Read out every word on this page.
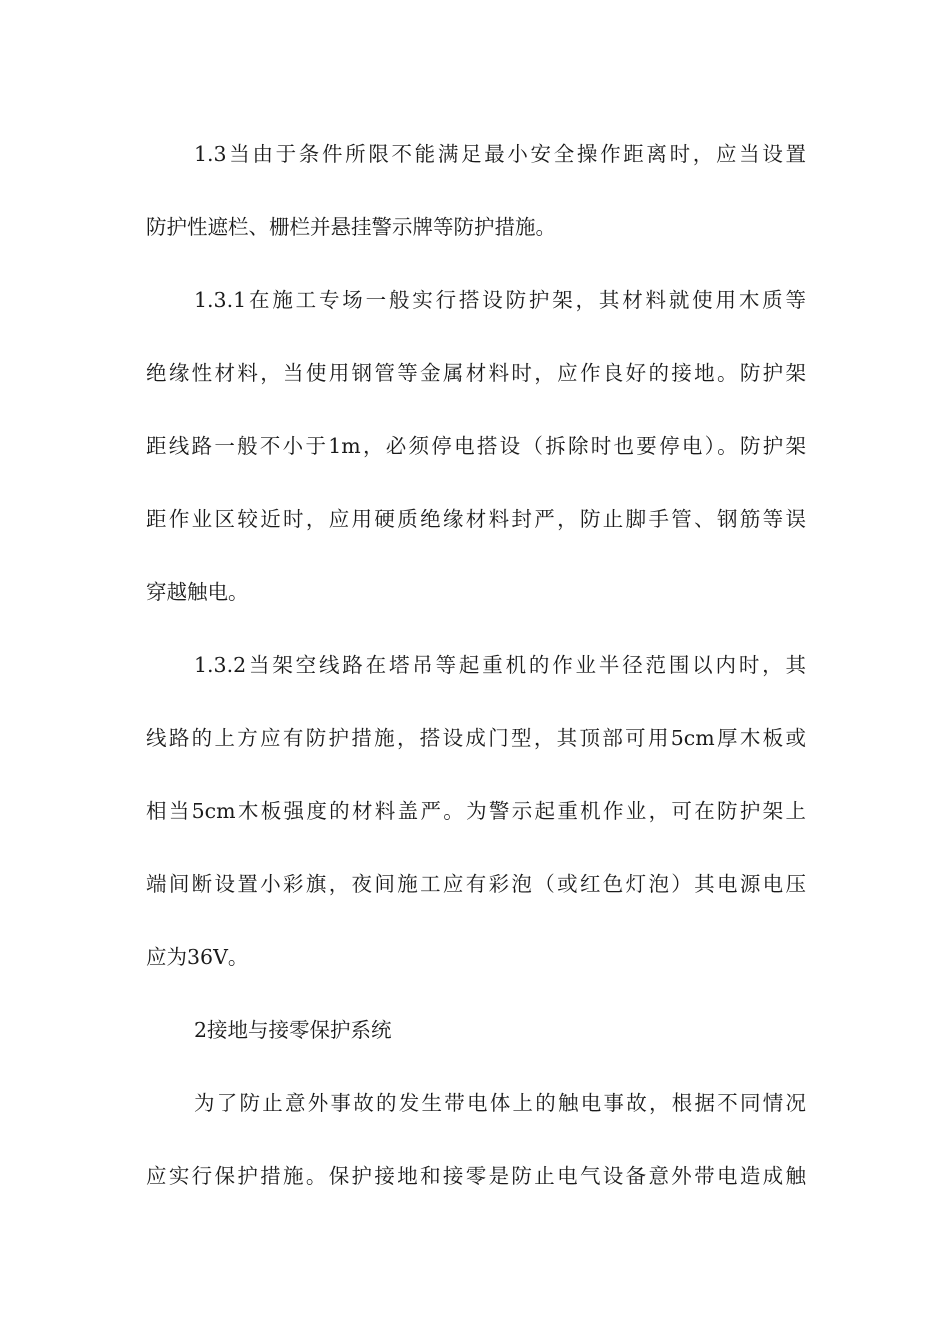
1.3当由于条件所限不能满足最小安全操作距离时，应当设置
防护性遮栏、栅栏并悬挂警示牌等防护措施。
1.3.1在施工专场一般实行搭设防护架，其材料就使用木质等
绝缘性材料，当使用钢管等金属材料时，应作良好的接地。防护架
距线路一般不小于1m，必须停电搭设（拆除时也要停电）。防护架
距作业区较近时，应用硬质绝缘材料封严，防止脚手管、钢筋等误
穿越触电。
1.3.2当架空线路在塔吊等起重机的作业半径范围以内时，其
线路的上方应有防护措施，搭设成门型，其顶部可用5cm厚木板或
相当5cm木板强度的材料盖严。为警示起重机作业，可在防护架上
端间断设置小彩旗，夜间施工应有彩泡（或红色灯泡）其电源电压
应为36V。
2接地与接零保护系统
为了防止意外事故的发生带电体上的触电事故，根据不同情况
应实行保护措施。保护接地和接零是防止电气设备意外带电造成触
